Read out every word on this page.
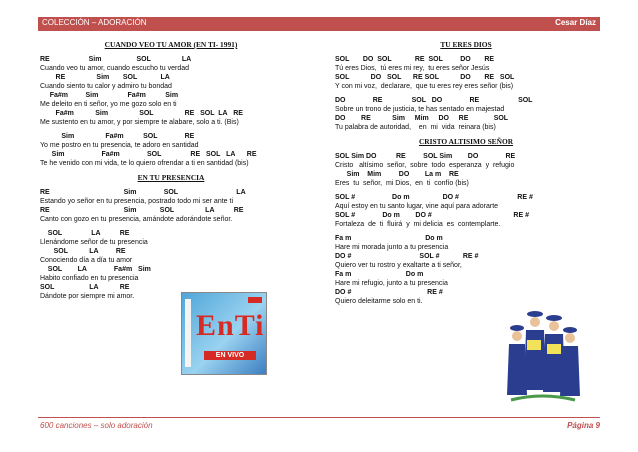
COLECCIÓN – ADORACIÓN	Cesar Díaz
CUANDO VEO TU AMOR (EN TI- 1991)
RE                    Sim                  SOL                LA
Cuando veo tu amor, cuando escucho tu verdad
RE                Sim       SOL            LA
Cuando siento tu calor y admiro tu bondad
Fa#m         Sim               Fa#m          Sim
Me deleito en ti señor, yo me gozo solo en ti
Fa#m           Sim                SOL                RE   SOL  LA   RE
Me sustento en tu amor, y por siempre te alabare, solo a ti. (Bis)
Sim                Fa#m          SOL              RE
Yo me postro en tu presencia, te adoro en santidad
Sim                   Fa#m              SOL               RE   SOL   LA      RE
Te he venido con mi vida, te lo quiero ofrendar a ti en santidad (bis)
EN TU PRESENCIA
RE                                      Sim              SOL                              LA
Estando yo señor en tu presencia, postrado todo mi ser ante ti
RE                                      Sim            SOL                LA          RE
Canto con gozo en tu presencia, amándote adorándote señor.
SOL               LA          RE
Llenándome señor de tu presencia
SOL           LA         RE
Conociendo día a día tu amor
SOL        LA              Fa#m   Sim
Habito confiado en tu presencia
SOL                  LA           RE
Dándote por siempre mi amor.
TU ERES DIOS
SOL       DO  SOL            RE  SOL         DO       RE
Tú eres Dios,  tú eres mi rey,  tu eres señor Jesús
SOL           DO   SOL      RE SOL           DO       RE   SOL
Y con mi voz,  declarare,  que tu eres rey eres señor (bis)
DO              RE               SOL   DO              RE                    SOL
Sobre un trono de justicia, te has sentado en majestad
DO        RE           Sim     Mim     DO     RE             SOL
Tu palabra de autoridad,    en  mi  vida  reinara (bis)
CRISTO ALTISIMO SEÑOR
SOL Sim DO          RE         SOL Sim        DO              RE
Cristo   altísimo  señor,  sobre  todo  esperanza  y  refugio
Sim    Mim         DO        La m    RE
Eres  tu  señor,  mi Dios,  en  ti  confío (bis)
SOL #                   Do m                 DO #                              RE #
Aquí estoy en tu santo lugar, vine aquí para adorarte
SOL #              Do m        DO #                                          RE #
Fortaleza  de  ti  fluirá  y  mi delicia  es  contemplarte.
Fa m                                      Do m
Hare mi morada junto a tu presencia
DO #                                   SOL #            RE #
Quiero ver tu rostro y exaltarte a ti señor,
Fa m                            Do m
Hare mi refugio, junto a tu presencia
DO #                                       RE #
Quiero deleitarme solo en ti.
EnTi
EN VIVO
600 canciones – solo adoración	Página 9
